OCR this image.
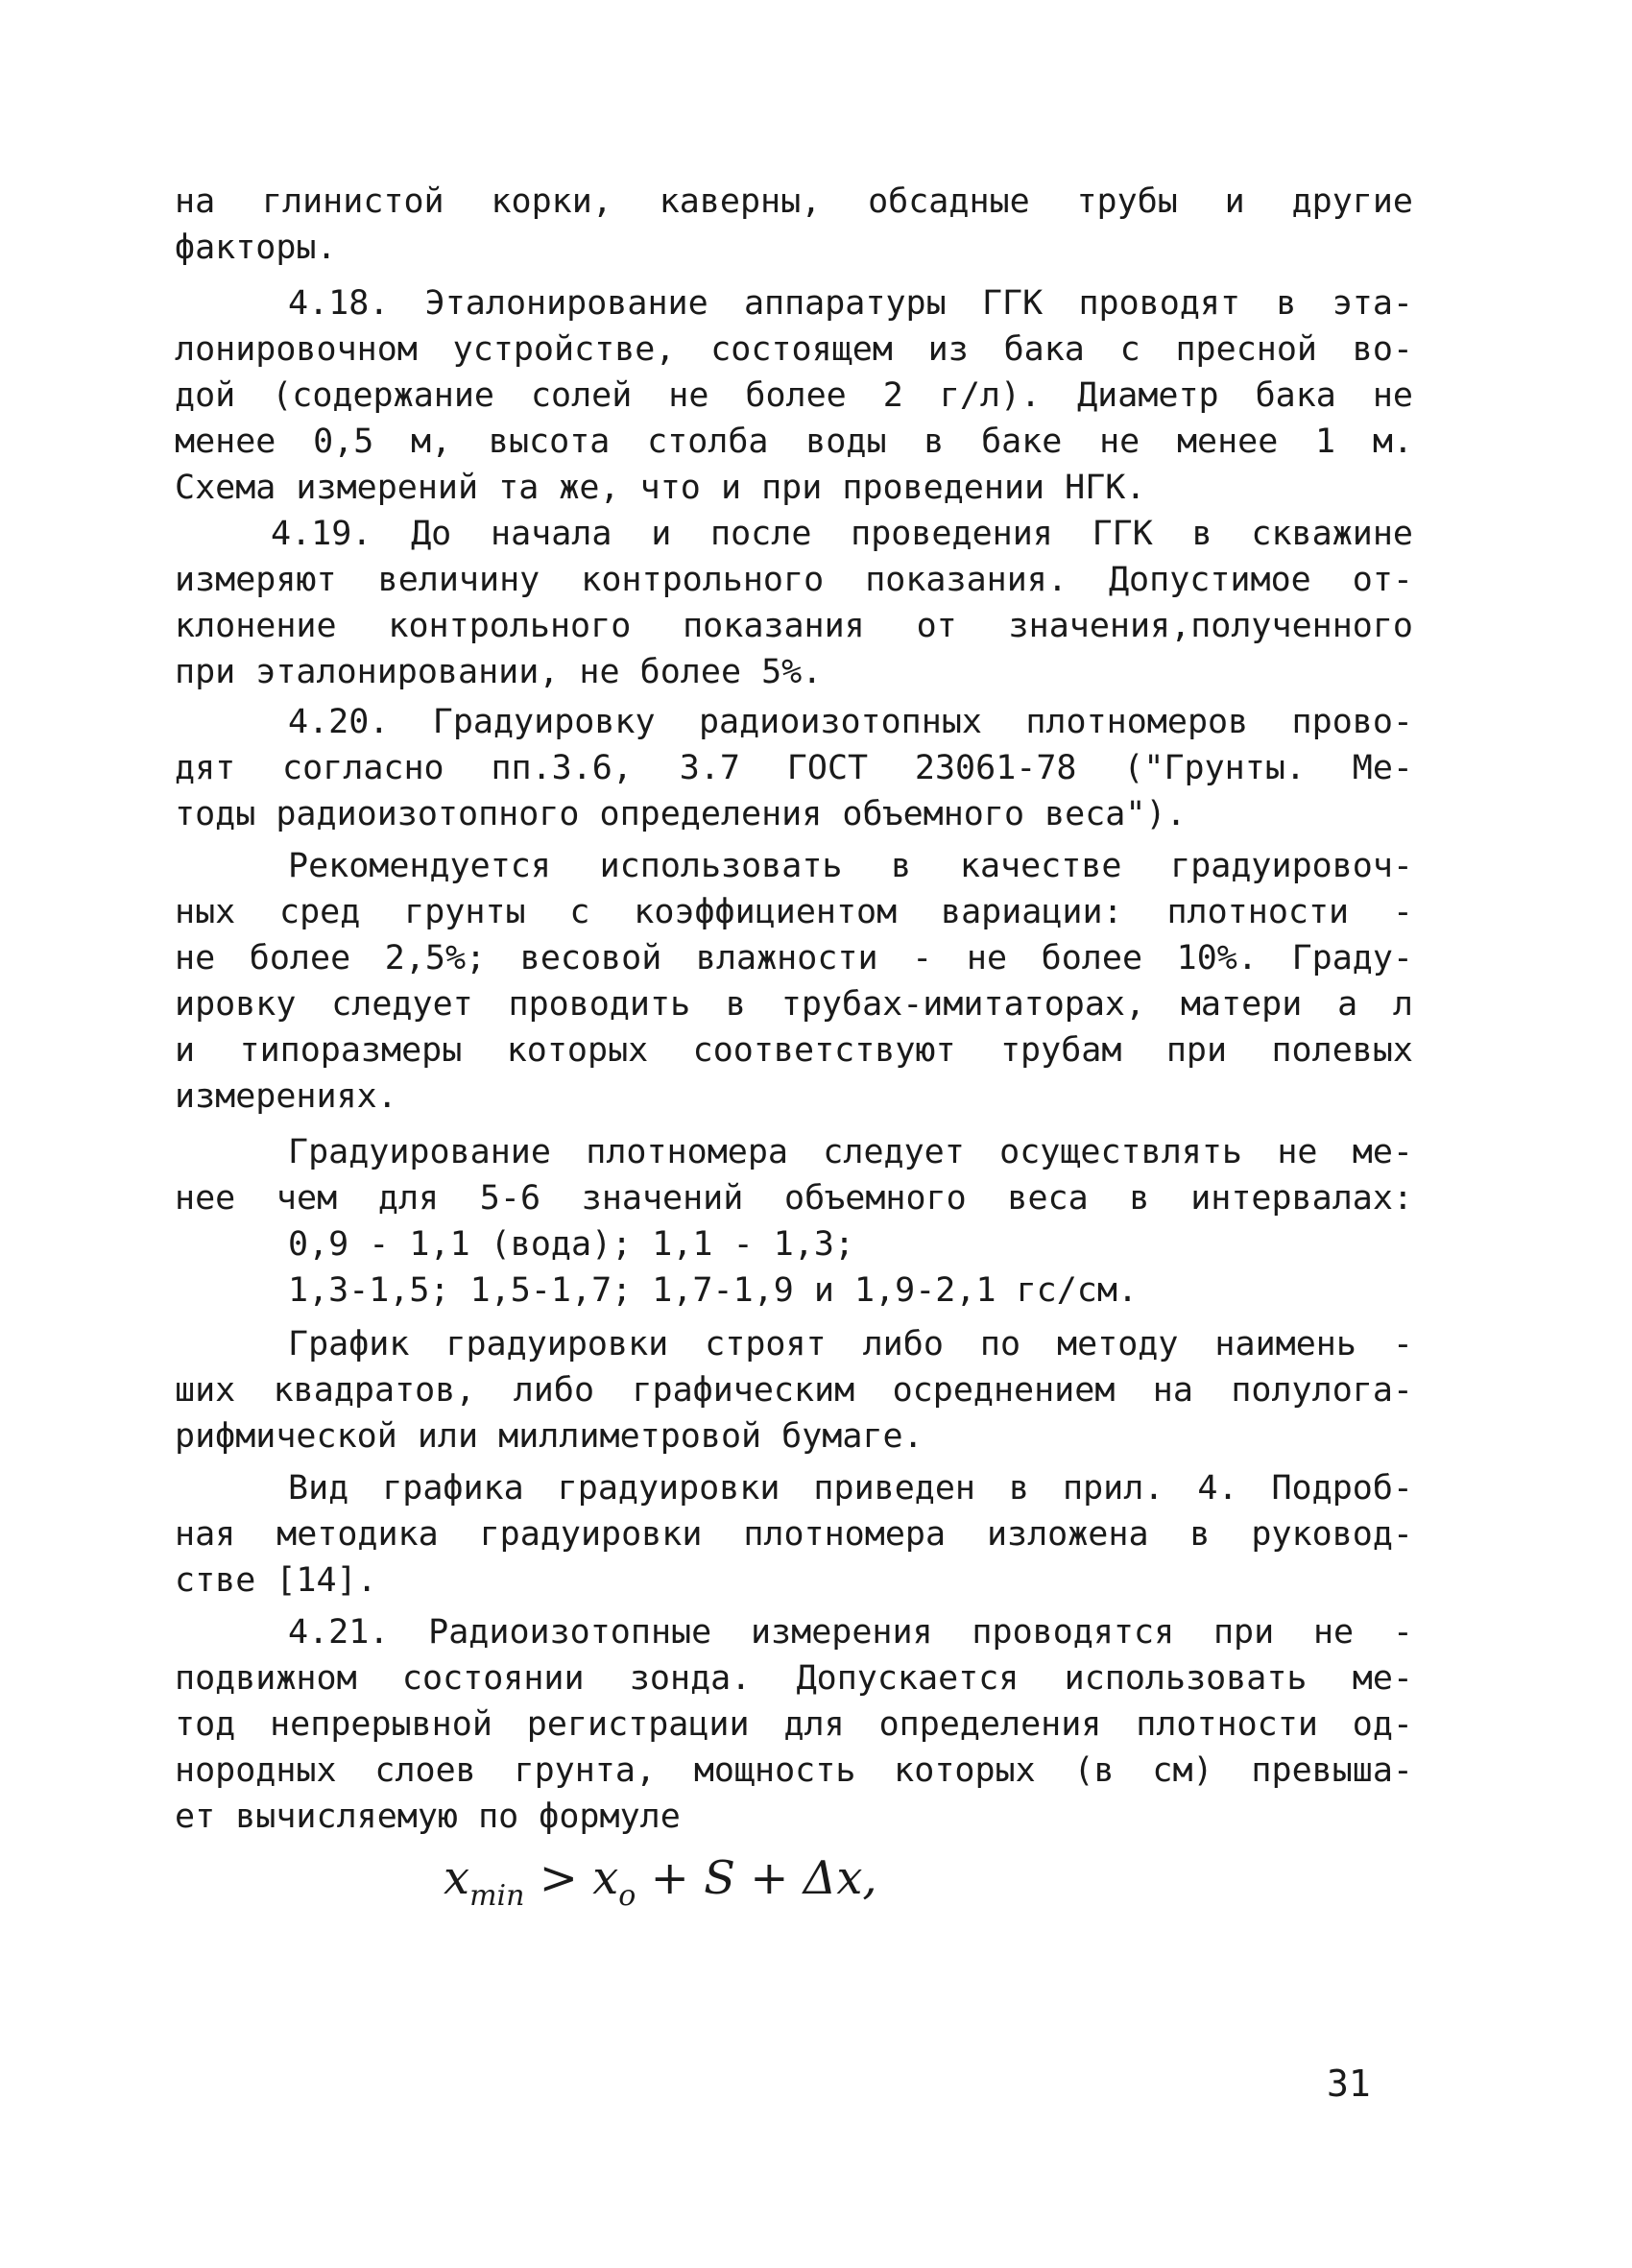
на глинистой корки, каверны, обсадные трубы и другие
факторы.
4.18. Эталонирование аппаратуры ГГК проводят в эта-
лонировочном устройстве, состоящем из бака с пресной во-
дой (содержание солей не более 2 г/л). Диаметр бака не
менее 0,5 м, высота столба воды в баке не менее 1 м.
Схема измерений та же, что и при проведении НГК.
4.19. До начала и после проведения ГГК в скважине
измеряют величину контрольного показания. Допустимое от-
клонение контрольного показания от значения,полученного
при эталонировании, не более 5%.
4.20. Градуировку радиоизотопных плотномеров прово-
дят согласно пп.3.6, 3.7 ГОСТ 23061-78 ("Грунты. Ме-
тоды радиоизотопного определения объемного веса").
Рекомендуется использовать в качестве градуировоч-
ных сред грунты с коэффициентом вариации: плотности -
не более 2,5%; весовой влажности - не более 10%. Граду-
ировку следует проводить в трубах-имитаторах, матери а л
и типоразмеры которых соответствуют трубам при полевых
измерениях.
Градуирование плотномера следует осуществлять не ме-
нее чем для 5-6 значений объемного веса в интервалах:
0,9 - 1,1 (вода); 1,1 - 1,3;
1,3-1,5; 1,5-1,7; 1,7-1,9 и 1,9-2,1 гс/см.
График градуировки строят либо по методу наимень -
ших квадратов, либо графическим осреднением на полулога-
рифмической или миллиметровой бумаге.
Вид графика градуировки приведен в прил. 4. Подроб-
ная методика градуировки плотномера изложена в руковод-
стве [14].
4.21. Радиоизотопные измерения проводятся при не -
подвижном состоянии зонда. Допускается использовать ме-
тод непрерывной регистрации для определения плотности од-
нородных слоев грунта, мощность которых (в см) превыша-
ет вычисляемую по формуле
$x_{min} > x_o + S + \Delta x$,
31
